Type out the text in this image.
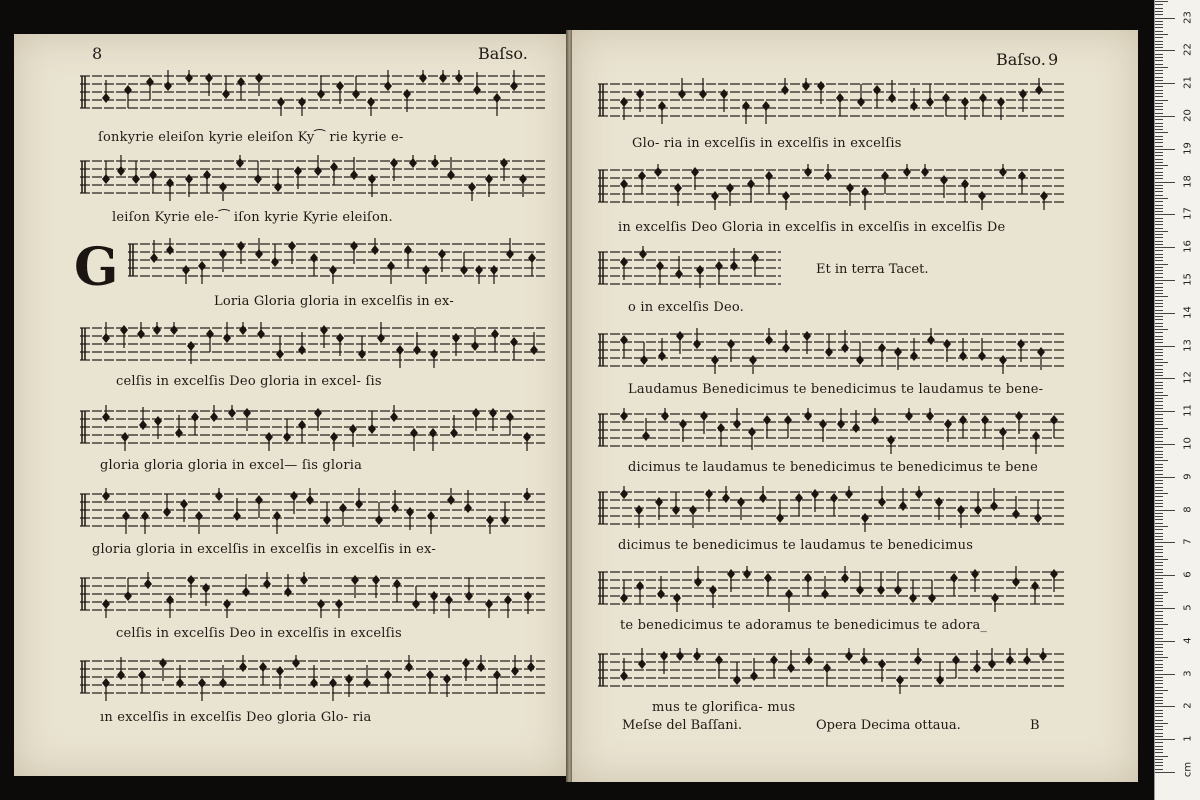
8	Baſso.	Baſso. 9
G
ſonkyrie eleiſon kyrie eleiſon Ky⁀ rie kyrie e-
leiſon Kyrie ele-⁀ iſon kyrie Kyrie eleiſon.
Loria Gloria gloria in excelſis in ex-
celſis in excelſis Deo gloria in excel- ſis
gloria gloria gloria in excel— ſis gloria
gloria gloria in excelſis in excelſis in excelſis in ex-
celſis in excelſis Deo in excelſis in excelſis
ın excelſis in excelſis Deo gloria Glo- ria
Glo- ria in excelſis in excelſis in excelſis
in excelſis Deo Gloria in excelſis in excelſis in excelſis De
Et in terra Tacet.
o in excelſis Deo.
Laudamus Benedicimus te benedicimus te laudamus te bene-
dicimus te laudamus te benedicimus te benedicimus te bene
dicimus te benedicimus te laudamus te benedicimus
te benedicimus te adoramus te benedicimus te adora_
mus te glorifica- mus
Meſse del Baſſani.	Opera Decima ottaua.	B
cm
1
2
3
4
5
6
7
8
9
10
11
12
13
14
15
16
17
18
19
20
21
22
23
